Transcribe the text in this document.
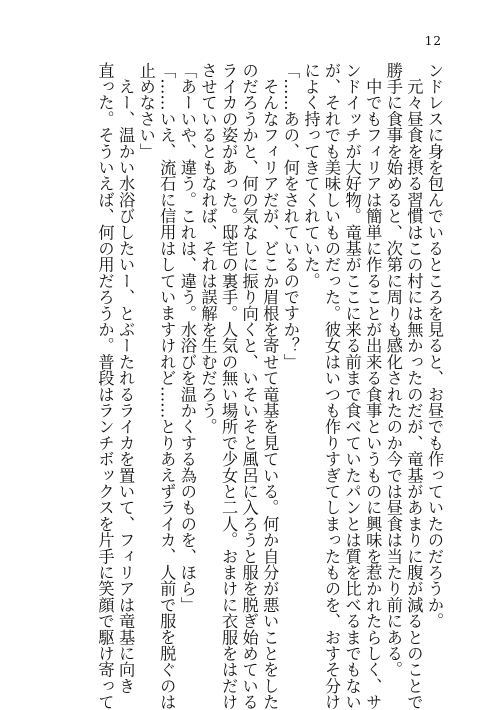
12
ンドレスに身を包んでいるところを見ると、お昼でも作っていたのだろうか。
　元々昼食を摂る習慣はこの村には無かったのだが、竜基があまりに腹が減るとのことで
勝手に食事を始めると、次第に周りも感化されたのか今では昼食は当たり前にある。
　中でもフィリアは簡単に作ることが出来る食事というものに興味を惹かれたらしく、サ
ンドイッチが大好物。竜基がここに来る前まで食べていたパンとは質を比べるまでもない
が、それでも美味しいものだった。彼女はいつも作りすぎてしまったものを、おすそ分け
によく持ってきてくれていた。
「……あの、何をされているのですか？」
　そんなフィリアだが、どこか眉根を寄せて竜基を見ている。何か自分が悪いことをした
のだろうかと、何の気なしに振り向くと、いそいそと風呂に入ろうと服を脱ぎ始めている
ライカの姿があった。邸宅の裏手。人気の無い場所で少女と二人。おまけに衣服をはだけ
させているともなれば、それは誤解を生むだろう。
「あーいや、違う。これは、違う。水浴びを温かくする為のものを、ほら」
「……いえ、流石に信用はしていますけれど……とりあえずライカ、人前で服を脱ぐのは
止めなさい」
　えー、温かい水浴びしたいー、とぶーたれるライカを置いて、フィリアは竜基に向き
直った。そういえば、何の用だろうか。普段はランチボックスを片手に笑顔で駆け寄って
